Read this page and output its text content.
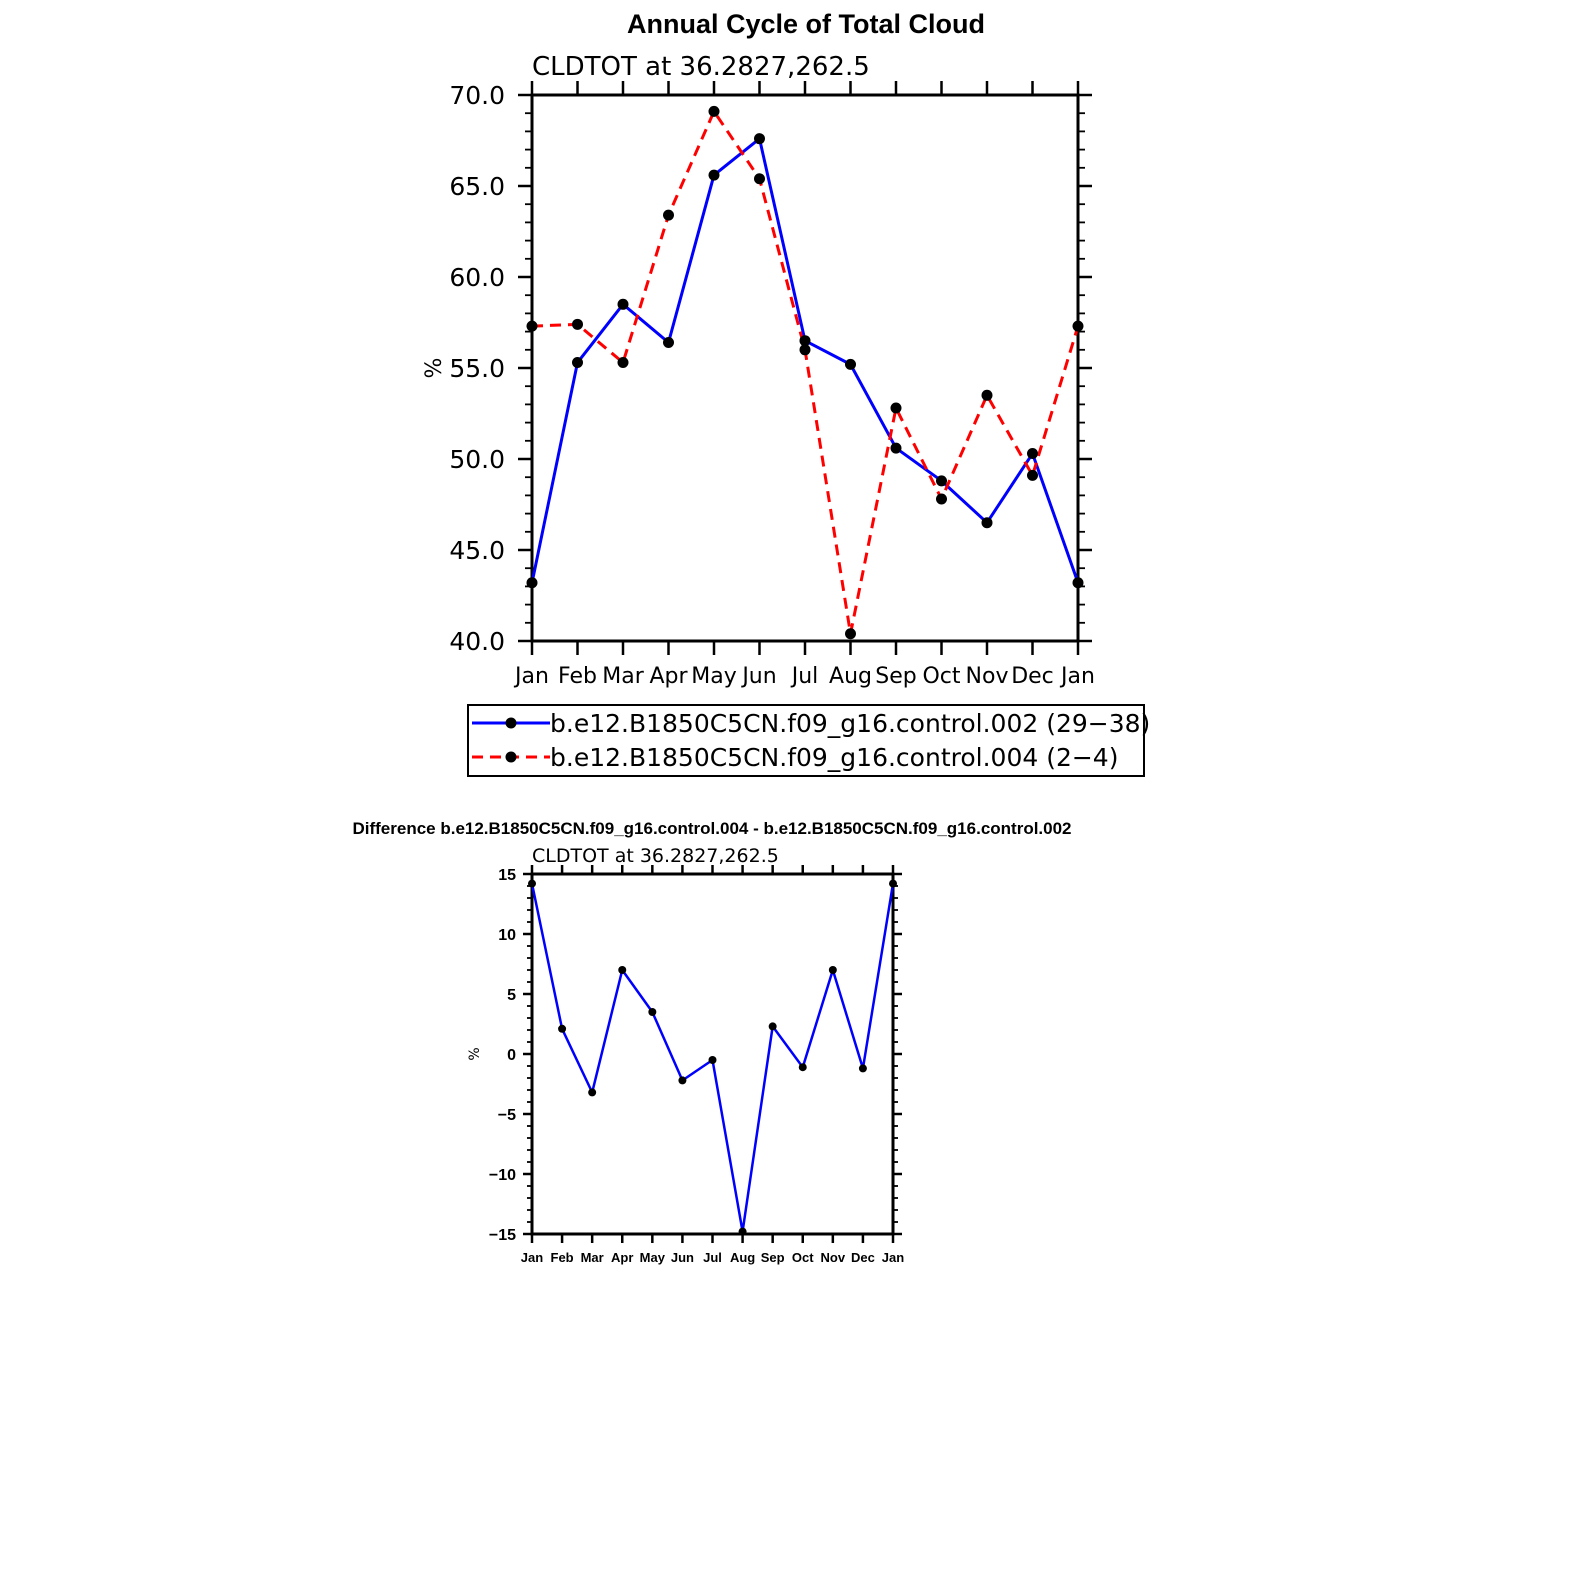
Annual Cycle of Total Cloud
CLDTOT at 36.2827,262.5
%
Jan Feb Mar Apr May Jun Jul Aug Sep Oct Nov Dec Jan
40.0
45.0
50.0
55.0
60.0
65.0
70.0
b.e12.B1850C5CN.f09_g16.control.002 (29−38)
b.e12.B1850C5CN.f09_g16.control.004 (2−4)
Difference b.e12.B1850C5CN.f09_g16.control.004 - b.e12.B1850C5CN.f09_g16.control.002
CLDTOT at 36.2827,262.5
%
Jan Feb Mar Apr May Jun Jul Aug Sep Oct Nov Dec Jan
−15
−10
−5
0
5
10
15
